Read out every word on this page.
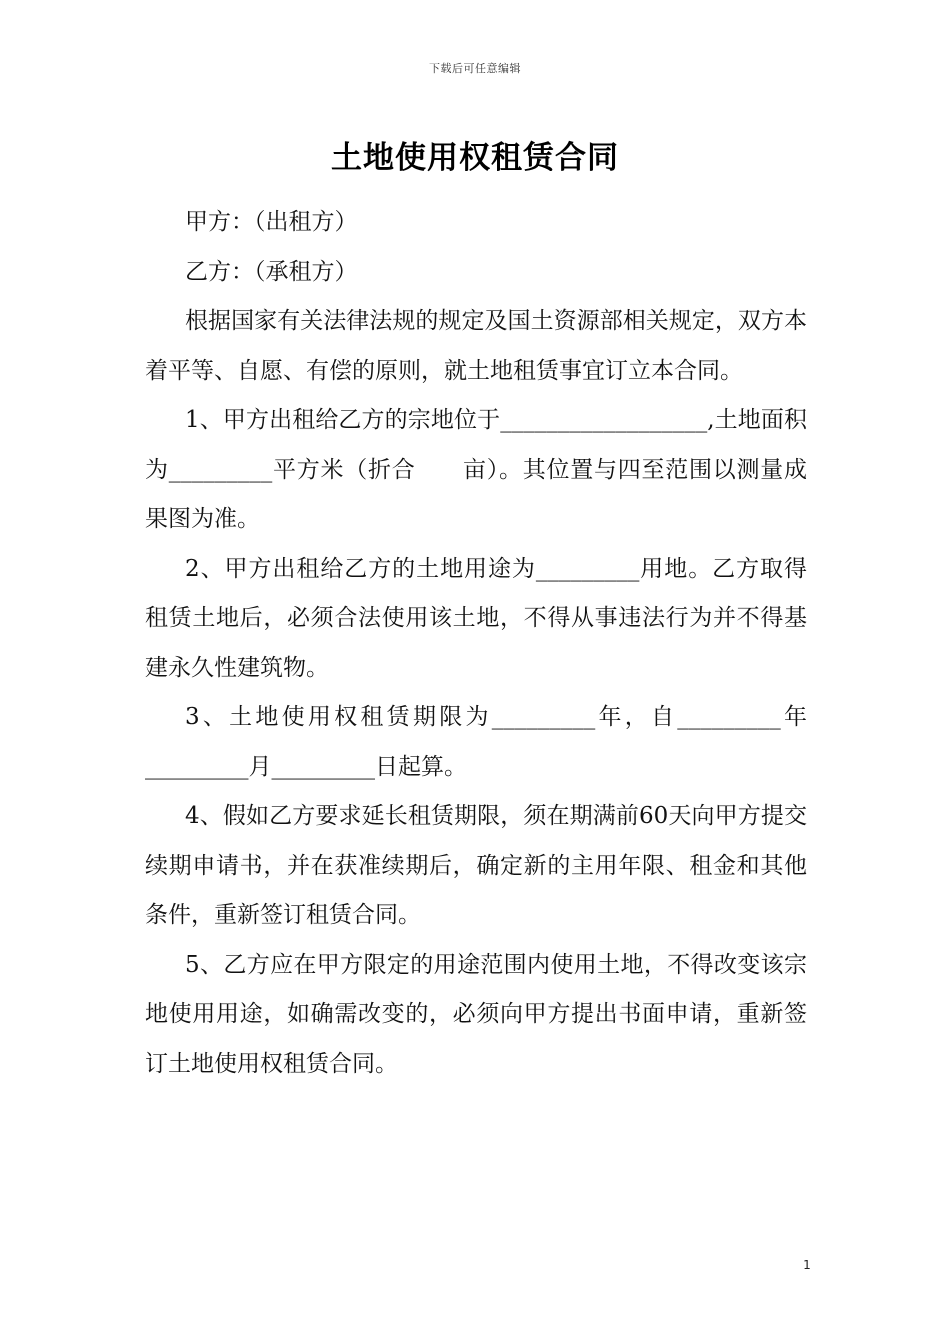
下载后可任意编辑
土地使用权租赁合同

甲方：（出租方）

乙方：（承租方）

根据国家有关法律法规的规定及国土资源部相关规定，双方本着平等、自愿、有偿的原则，就土地租赁事宜订立本合同。

1、甲方出租给乙方的宗地位于__________________,土地面积为_________平方米（折合　　亩）。其位置与四至范围以测量成果图为准。

2、甲方出租给乙方的土地用途为_________用地。乙方取得租赁土地后，必须合法使用该土地，不得从事违法行为并不得基建永久性建筑物。

3、土地使用权租赁期限为_________年，自_________年_________月_________日起算。

4、假如乙方要求延长租赁期限，须在期满前60天向甲方提交续期申请书，并在获准续期后，确定新的主用年限、租金和其他条件，重新签订租赁合同。

5、乙方应在甲方限定的用途范围内使用土地，不得改变该宗地使用用途，如确需改变的，必须向甲方提出书面申请，重新签订土地使用权租赁合同。

1
